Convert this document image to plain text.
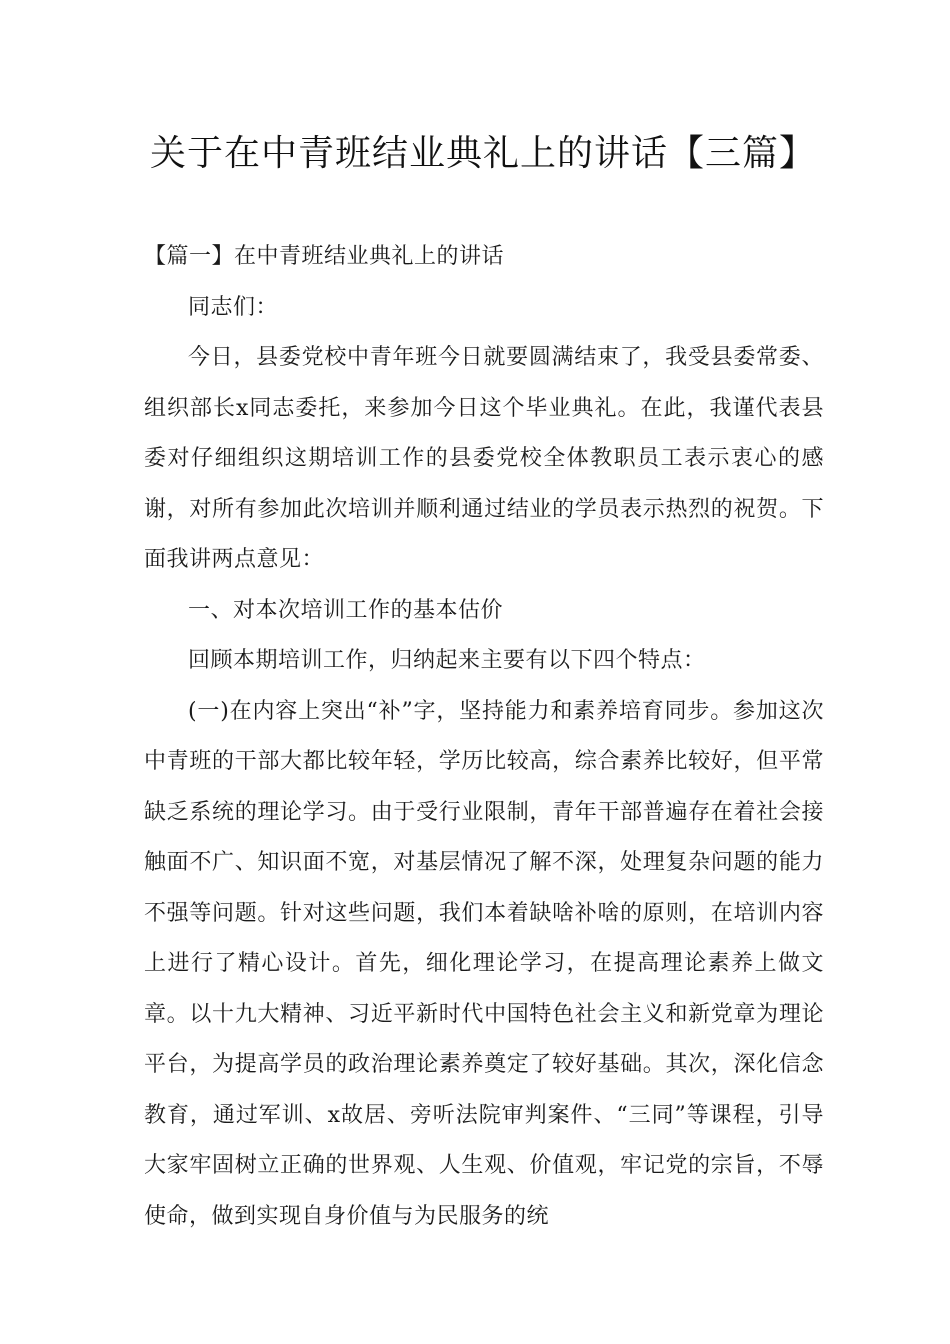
关于在中青班结业典礼上的讲话【三篇】

【篇一】在中青班结业典礼上的讲话

同志们：

今日，县委党校中青年班今日就要圆满结束了，我受县委常委、组织部长x同志委托，来参加今日这个毕业典礼。在此，我谨代表县委对仔细组织这期培训工作的县委党校全体教职员工表示衷心的感谢，对所有参加此次培训并顺利通过结业的学员表示热烈的祝贺。下面我讲两点意见：

一、对本次培训工作的基本估价

回顾本期培训工作，归纳起来主要有以下四个特点：

(一)在内容上突出“补”字，坚持能力和素养培育同步。参加这次中青班的干部大都比较年轻，学历比较高，综合素养比较好，但平常缺乏系统的理论学习。由于受行业限制，青年干部普遍存在着社会接触面不广、知识面不宽，对基层情况了解不深，处理复杂问题的能力不强等问题。针对这些问题，我们本着缺啥补啥的原则，在培训内容上进行了精心设计。首先，细化理论学习，在提高理论素养上做文章。以十九大精神、习近平新时代中国特色社会主义和新党章为理论平台，为提高学员的政治理论素养奠定了较好基础。其次，深化信念教育，通过军训、x故居、旁听法院审判案件、“三同”等课程，引导大家牢固树立正确的世界观、人生观、价值观，牢记党的宗旨，不辱使命，做到实现自身价值与为民服务的统
